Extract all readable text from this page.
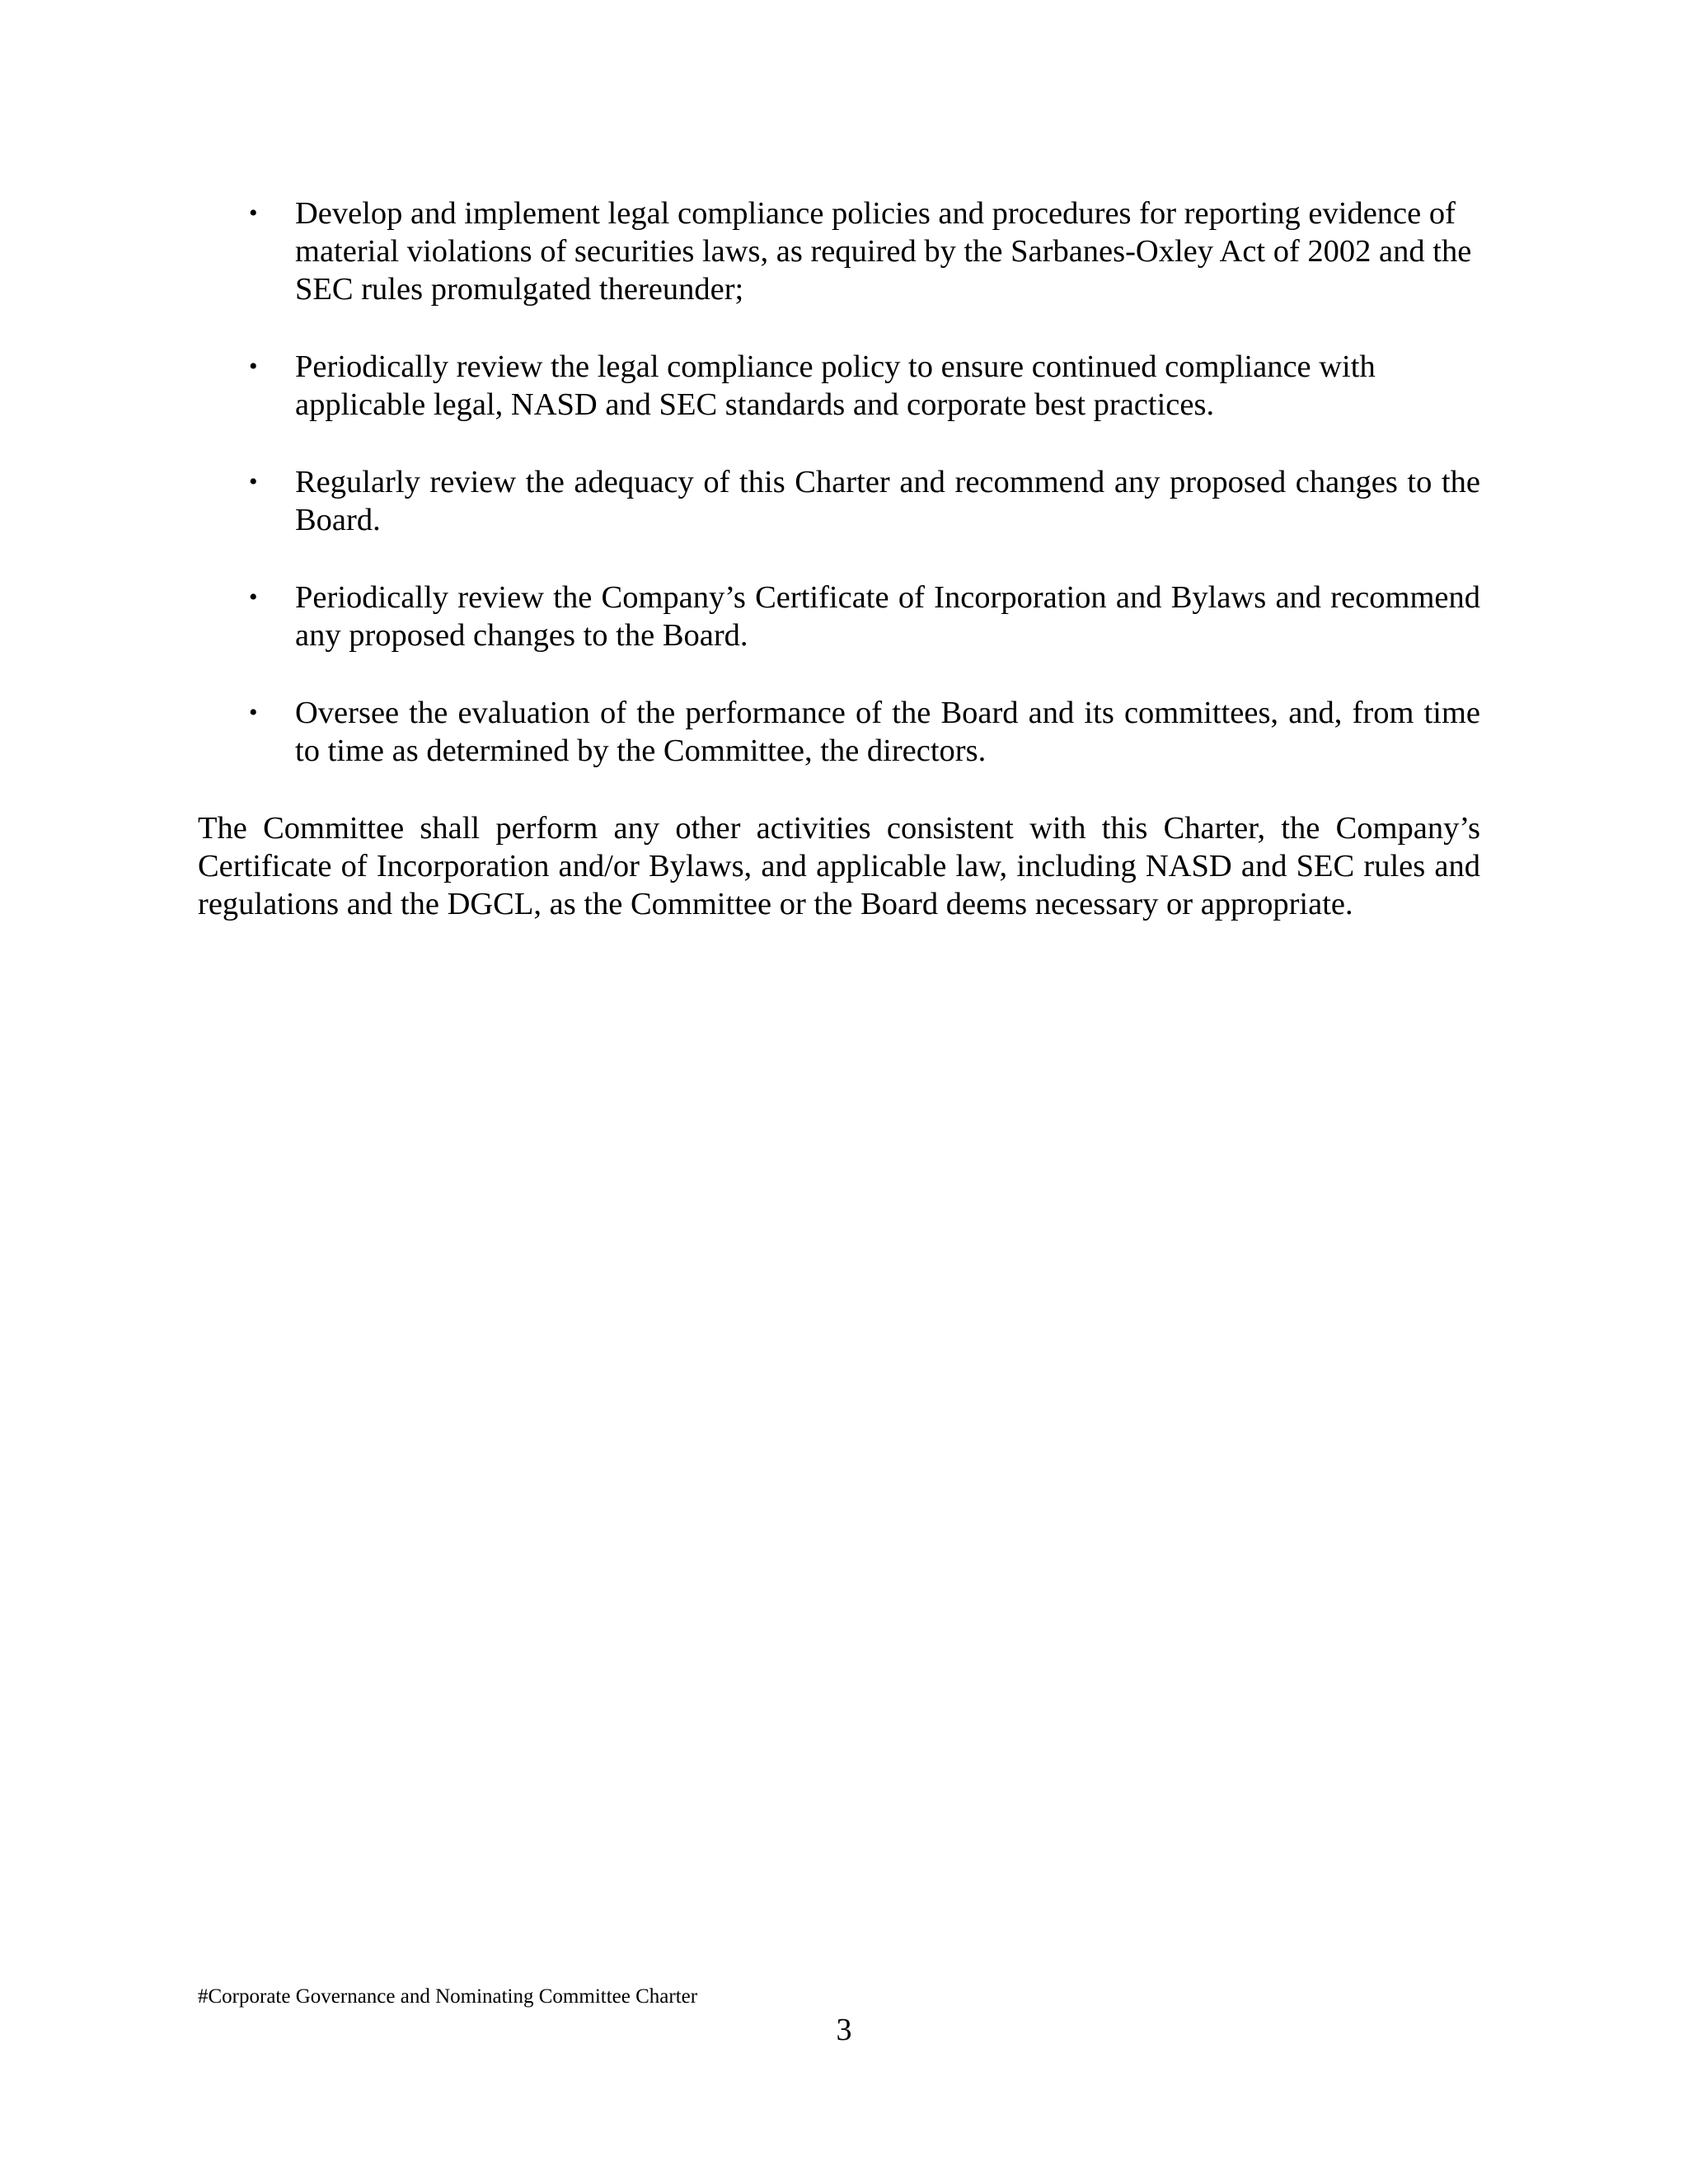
• Develop and implement legal compliance policies and procedures for reporting evidence of material violations of securities laws, as required by the Sarbanes-Oxley Act of 2002 and the SEC rules promulgated thereunder;
• Periodically review the legal compliance policy to ensure continued compliance with applicable legal, NASD and SEC standards and corporate best practices.
• Regularly review the adequacy of this Charter and recommend any proposed changes to the Board.
• Periodically review the Company’s Certificate of Incorporation and Bylaws and recommend any proposed changes to the Board.
• Oversee the evaluation of the performance of the Board and its committees, and, from time to time as determined by the Committee, the directors.

The Committee shall perform any other activities consistent with this Charter, the Company’s Certificate of Incorporation and/or Bylaws, and applicable law, including NASD and SEC rules and regulations and the DGCL, as the Committee or the Board deems necessary or appropriate.

#Corporate Governance and Nominating Committee Charter
3
